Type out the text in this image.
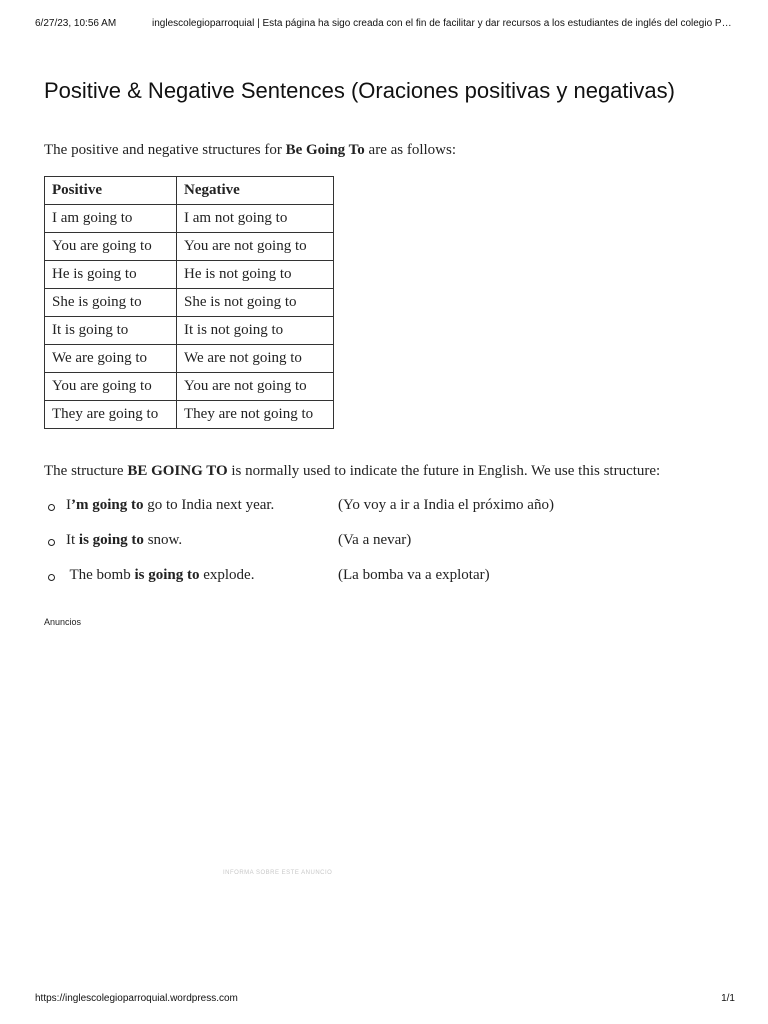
6/27/23, 10:56 AM	inglescolegioparroquial | Esta página ha sigo creada con el fin de facilitar y dar recursos a los estudiantes de inglés del colegio P…
Positive & Negative Sentences (Oraciones positivas y negativas)

The positive and negative structures for Be Going To are as follows:

Positive	Negative
I am going to	I am not going to
You are going to	You are not going to
He is going to	He is not going to
She is going to	She is not going to
It is going to	It is not going to
We are going to	We are not going to
You are going to	You are not going to
They are going to	They are not going to

The structure BE GOING TO is normally used to indicate the future in English. We use this structure:

I’m going to go to India next year.	(Yo voy a ir a India el próximo año)
It is going to snow.	(Va a nevar)
The bomb is going to explode.	(La bomba va a explotar)
Anuncios
INFORMA SOBRE ESTE ANUNCIO
https://inglescolegioparroquial.wordpress.com	1/1
